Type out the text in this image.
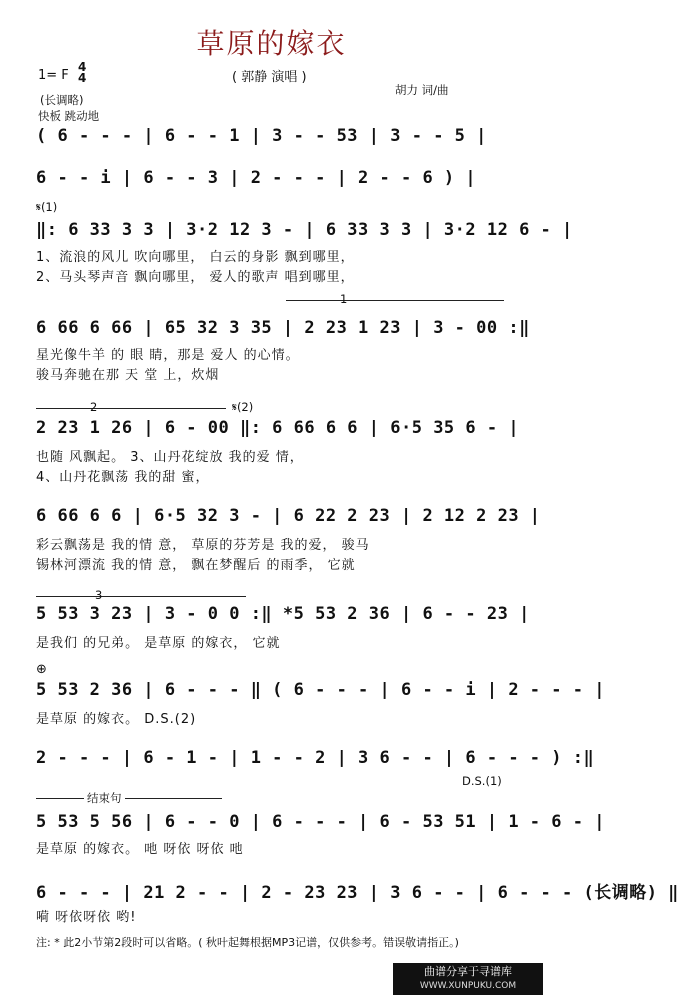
草原的嫁衣
1= F
4
4	( 郭静 演唱 )
胡力 词/曲
(长调略)
快板 跳动地
( 6 - - - | 6 - - 1 | 3 - - 53 | 3 - - 5 |
6 - - i | 6 - - 3 | 2 - - - | 2 - - 6 ) |
𝄋(1)
‖: 6 33 3 3 | 3·2 12 3 - | 6 33 3 3 | 3·2 12 6 - |
1、流浪的风儿 吹向哪里， 白云的身影 飘到哪里，
2、马头琴声音 飘向哪里， 爱人的歌声 唱到哪里，
1
6 66 6 66 | 65 32 3 35 | 2 23 1 23 | 3 - 00 :‖
星光像牛羊 的 眼 睛，那是 爱人 的心情。
骏马奔驰在那 天 堂 上，炊烟
2	𝄋(2)
2 23 1 26 | 6 - 00 ‖: 6 66 6 6 | 6·5 35 6 - |
也随 风飘起。 3、山丹花绽放 我的爱 情，
4、山丹花飘荡 我的甜 蜜，
6 66 6 6 | 6·5 32 3 - | 6 22 2 23 | 2 12 2 23 |
彩云飘荡是 我的情 意， 草原的芬芳是 我的爱， 骏马
锡林河漂流 我的情 意， 飘在梦醒后 的雨季， 它就
3
5 53 3 23 | 3 - 0 0 :‖ *5 53 2 36 | 6 - - 23 |
是我们 的兄弟。 是草原 的嫁衣， 它就
⊕
5 53 2 36 | 6 - - - ‖ ( 6 - - - | 6 - - i | 2 - - - |
是草原 的嫁衣。 D.S.(2)
2 - - - | 6 - 1 - | 1 - - 2 | 3 6 - - | 6 - - - ) :‖
D.S.(1)
结束句
5 53 5 56 | 6 - - 0 | 6 - - - | 6 - 53 51 | 1 - 6 - |
是草原 的嫁衣。 吔 呀依 呀依 吔
6 - - - | 21 2 - - | 2 - 23 23 | 3 6 - - | 6 - - - (长调略) ‖
嗬 呀依呀依 哟!
注: * 此2小节第2段时可以省略。( 秋叶起舞根据MP3记谱，仅供参考。错误敬请指正。)
曲谱分享于寻谱库
WWW.XUNPUKU.COM
